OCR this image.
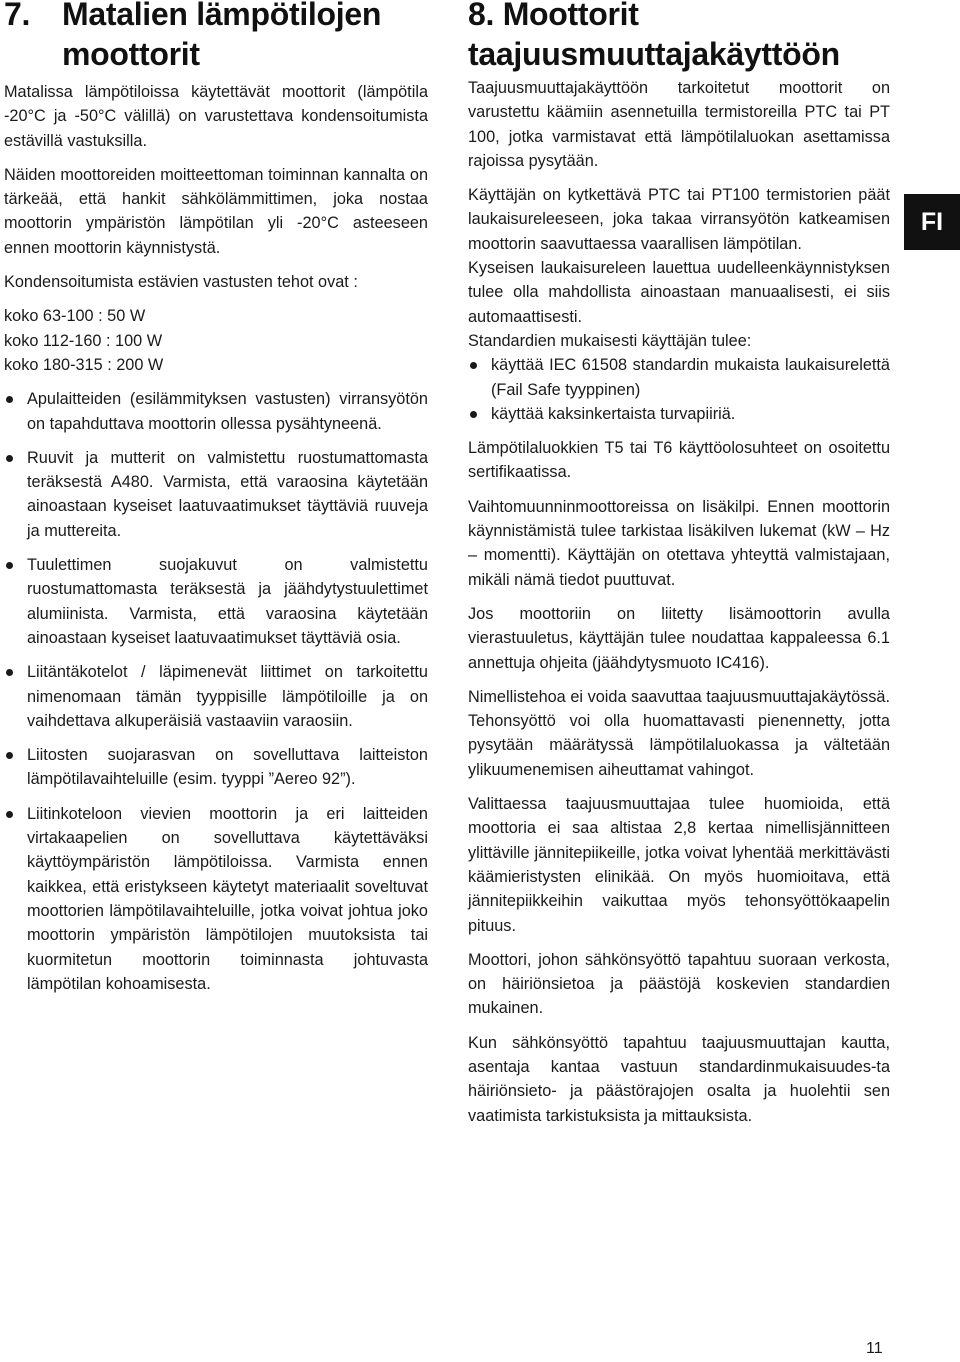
7. Matalien lämpötilojen
moottorit

Matalissa lämpötiloissa käytettävät moottorit (lämpötila -20°C ja -50°C välillä) on varustettava kondensoitumista estävillä vastuksilla.

Näiden moottoreiden moitteettoman toiminnan kannalta on tärkeää, että hankit sähkölämmittimen, joka nostaa moottorin ympäristön lämpötilan yli -20°C asteeseen ennen moottorin käynnistystä.

Kondensoitumista estävien vastusten tehot ovat :

koko 63-100 : 50 W

koko 112-160 : 100 W

koko 180-315 : 200 W

Apulaitteiden (esilämmityksen vastusten) virransyötön on tapahduttava moottorin ollessa pysähtyneenä.
Ruuvit ja mutterit on valmistettu ruostumattomasta teräksestä A480. Varmista, että varaosina käytetään ainoastaan kyseiset laatuvaatimukset täyttäviä ruuveja ja muttereita.
Tuulettimen suojakuvut on valmistettu ruostumattomasta teräksestä ja jäähdytystuulettimet alumiinista. Varmista, että varaosina käytetään ainoastaan kyseiset laatuvaatimukset täyttäviä osia.
Liitäntäkotelot / läpimenevät liittimet on tarkoitettu nimenomaan tämän tyyppisille lämpötiloille ja on vaihdettava alkuperäisiä vastaaviin varaosiin.
Liitosten suojarasvan on sovelluttava laitteiston lämpötilavaihteluille (esim. tyyppi ”Aereo 92”).
Liitinkoteloon vievien moottorin ja eri laitteiden virtakaapelien on sovelluttava käytettäväksi käyttöympäristön lämpötiloissa. Varmista ennen kaikkea, että eristykseen käytetyt materiaalit soveltuvat moottorien lämpötilavaihteluille, jotka voivat johtua joko moottorin ympäristön lämpötilojen muutoksista tai kuormitetun moottorin toiminnasta johtuvasta lämpötilan kohoamisesta.
8. Moottorit
taajuusmuuttajakäyttöön

Taajuusmuuttajakäyttöön tarkoitetut moottorit on varustettu käämiin asennetuilla termistoreilla PTC tai PT 100, jotka varmistavat että lämpötilaluokan asettamissa rajoissa pysytään.

Käyttäjän on kytkettävä PTC tai PT100 termistorien päät laukaisureleeseen, joka takaa virransyötön katkeamisen moottorin saavuttaessa vaarallisen lämpötilan.

Kyseisen laukaisureleen lauettua uudelleenkäynnistyksen tulee olla mahdollista ainoastaan manuaalisesti, ei siis automaattisesti.

Standardien mukaisesti käyttäjän tulee:

käyttää IEC 61508 standardin mukaista laukaisurelettä (Fail Safe tyyppinen)
käyttää kaksinkertaista turvapiiriä.

Lämpötilaluokkien T5 tai T6 käyttöolosuhteet on osoitettu sertifikaatissa.

Vaihtomuunninmoottoreissa on lisäkilpi. Ennen moottorin käynnistämistä tulee tarkistaa lisäkilven lukemat (kW – Hz – momentti). Käyttäjän on otettava yhteyttä valmistajaan, mikäli nämä tiedot puuttuvat.

Jos moottoriin on liitetty lisämoottorin avulla vierastuuletus, käyttäjän tulee noudattaa kappaleessa 6.1 annettuja ohjeita (jäähdytysmuoto IC416).

Nimellistehoa ei voida saavuttaa taajuusmuuttajakäytössä. Tehonsyöttö voi olla huomattavasti pienennetty, jotta pysytään määrätyssä lämpötilaluokassa ja vältetään ylikuumenemisen aiheuttamat vahingot.

Valittaessa taajuusmuuttajaa tulee huomioida, että moottoria ei saa altistaa 2,8 kertaa nimellisjännitteen ylittäville jännitepiikeille, jotka voivat lyhentää merkittävästi käämieristysten elinikää. On myös huomioitava, että jännitepiikkeihin vaikuttaa myös tehonsyöttökaapelin pituus.

Moottori, johon sähkönsyöttö tapahtuu suoraan verkosta, on häiriönsietoa ja päästöjä koskevien standardien mukainen.

Kun sähkönsyöttö tapahtuu taajuusmuuttajan kautta, asentaja kantaa vastuun standardinmukaisuudes-ta häiriönsieto- ja päästörajojen osalta ja huolehtii sen vaatimista tarkistuksista ja mittauksista.

FI
11
